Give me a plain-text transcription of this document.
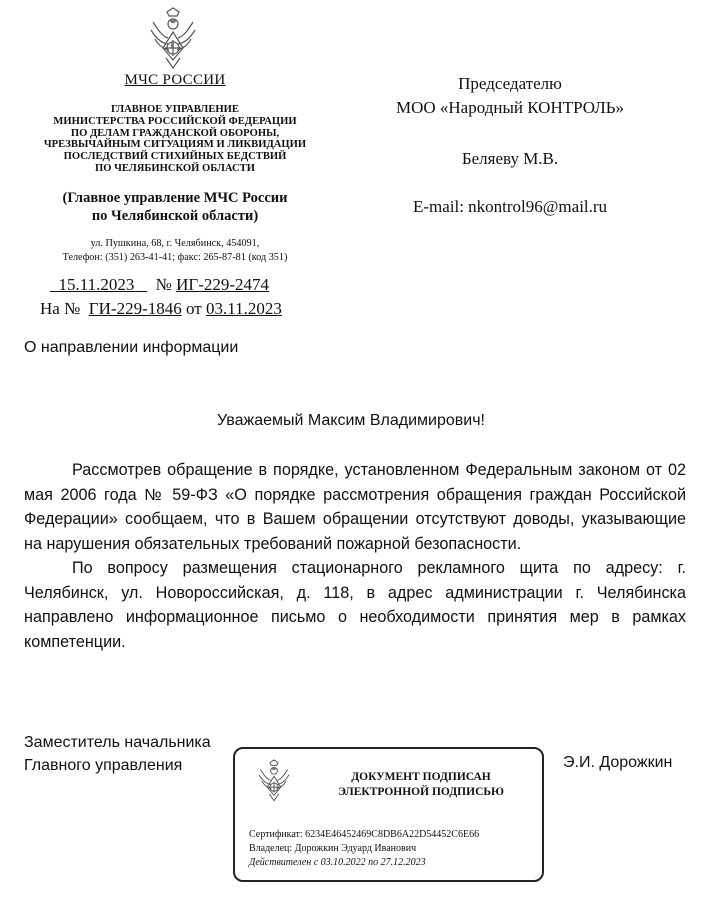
МЧС РОССИИ
ГЛАВНОЕ УПРАВЛЕНИЕ
МИНИСТЕРСТВА РОССИЙСКОЙ ФЕДЕРАЦИИ
ПО ДЕЛАМ ГРАЖДАНСКОЙ ОБОРОНЫ,
ЧРЕЗВЫЧАЙНЫМ СИТУАЦИЯМ И ЛИКВИДАЦИИ
ПОСЛЕДСТВИЙ СТИХИЙНЫХ БЕДСТВИЙ
ПО ЧЕЛЯБИНСКОЙ ОБЛАСТИ
(Главное управление МЧС России
по Челябинской области)
ул. Пушкина, 68, г. Челябинск, 454091,
Телефон: (351) 263-41-41; факс: 265-87-81 (код 351)
15.11.2023 № ИГ-229-2474
На № ГИ-229-1846 от 03.11.2023
Председателю
МОО «Народный КОНТРОЛЬ»
Беляеву М.В.
E-mail: nkontrol96@mail.ru
О направлении информации
Уважаемый Максим Владимирович!

Рассмотрев обращение в порядке, установленном Федеральным законом от 02 мая 2006 года № 59-ФЗ «О порядке рассмотрения обращения граждан Российской Федерации» сообщаем, что в Вашем обращении отсутствуют доводы, указывающие на нарушения обязательных требований пожарной безопасности.

По вопросу размещения стационарного рекламного щита по адресу: г. Челябинск, ул. Новороссийская, д. 118, в адрес администрации г. Челябинска направлено информационное письмо о необходимости принятия мер в рамках компетенции.

Заместитель начальника
Главного управления	Э.И. Дорожкин
ДОКУМЕНТ ПОДПИСАН
ЭЛЕКТРОННОЙ ПОДПИСЬЮ
Сертификат: 6234E46452469C8DB6A22D54452C6E66
Владелец: Дорожкин Эдуард Иванович
Действителен с 03.10.2022 по 27.12.2023
